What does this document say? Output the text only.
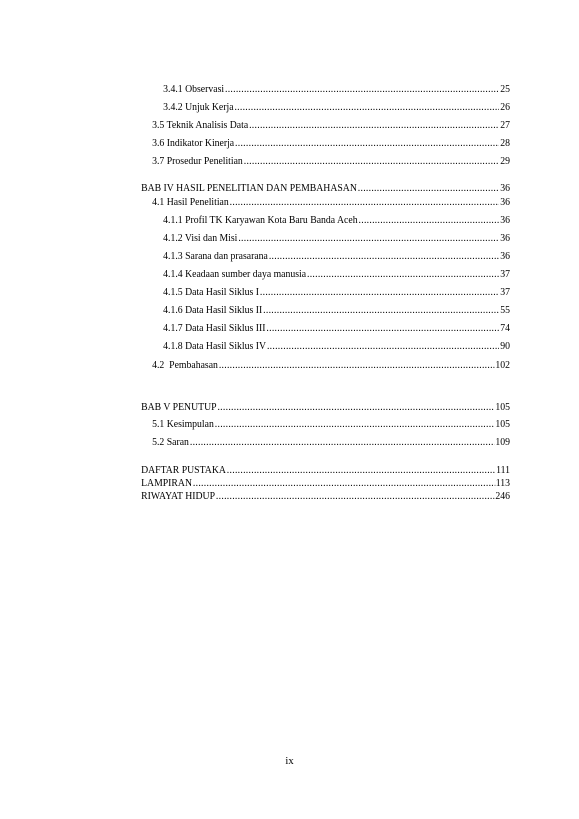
3.4.1 Observasi .....	25
3.4.2 Unjuk Kerja .....	26
3.5 Teknik Analisis Data .....	27
3.6 Indikator Kinerja .....	28
3.7 Prosedur Penelitian .....	29
BAB IV HASIL PENELITIAN DAN PEMBAHASAN .....	36
4.1 Hasil Penelitian .....	36
4.1.1 Profil TK Karyawan Kota Baru Banda Aceh .....	36
4.1.2 Visi dan Misi .....	36
4.1.3 Sarana dan prasarana .....	36
4.1.4 Keadaan sumber daya manusia .....	37
4.1.5 Data Hasil Siklus I .....	37
4.1.6 Data Hasil Siklus II .....	55
4.1.7 Data Hasil Siklus III .....	74
4.1.8 Data Hasil Siklus IV .....	90
4.2  Pembahasan .....	102
BAB V PENUTUP .....	105
5.1 Kesimpulan .....	105
5.2 Saran .....	109
DAFTAR PUSTAKA .....	111
LAMPIRAN .....	113
RIWAYAT HIDUP .....	246
ix
